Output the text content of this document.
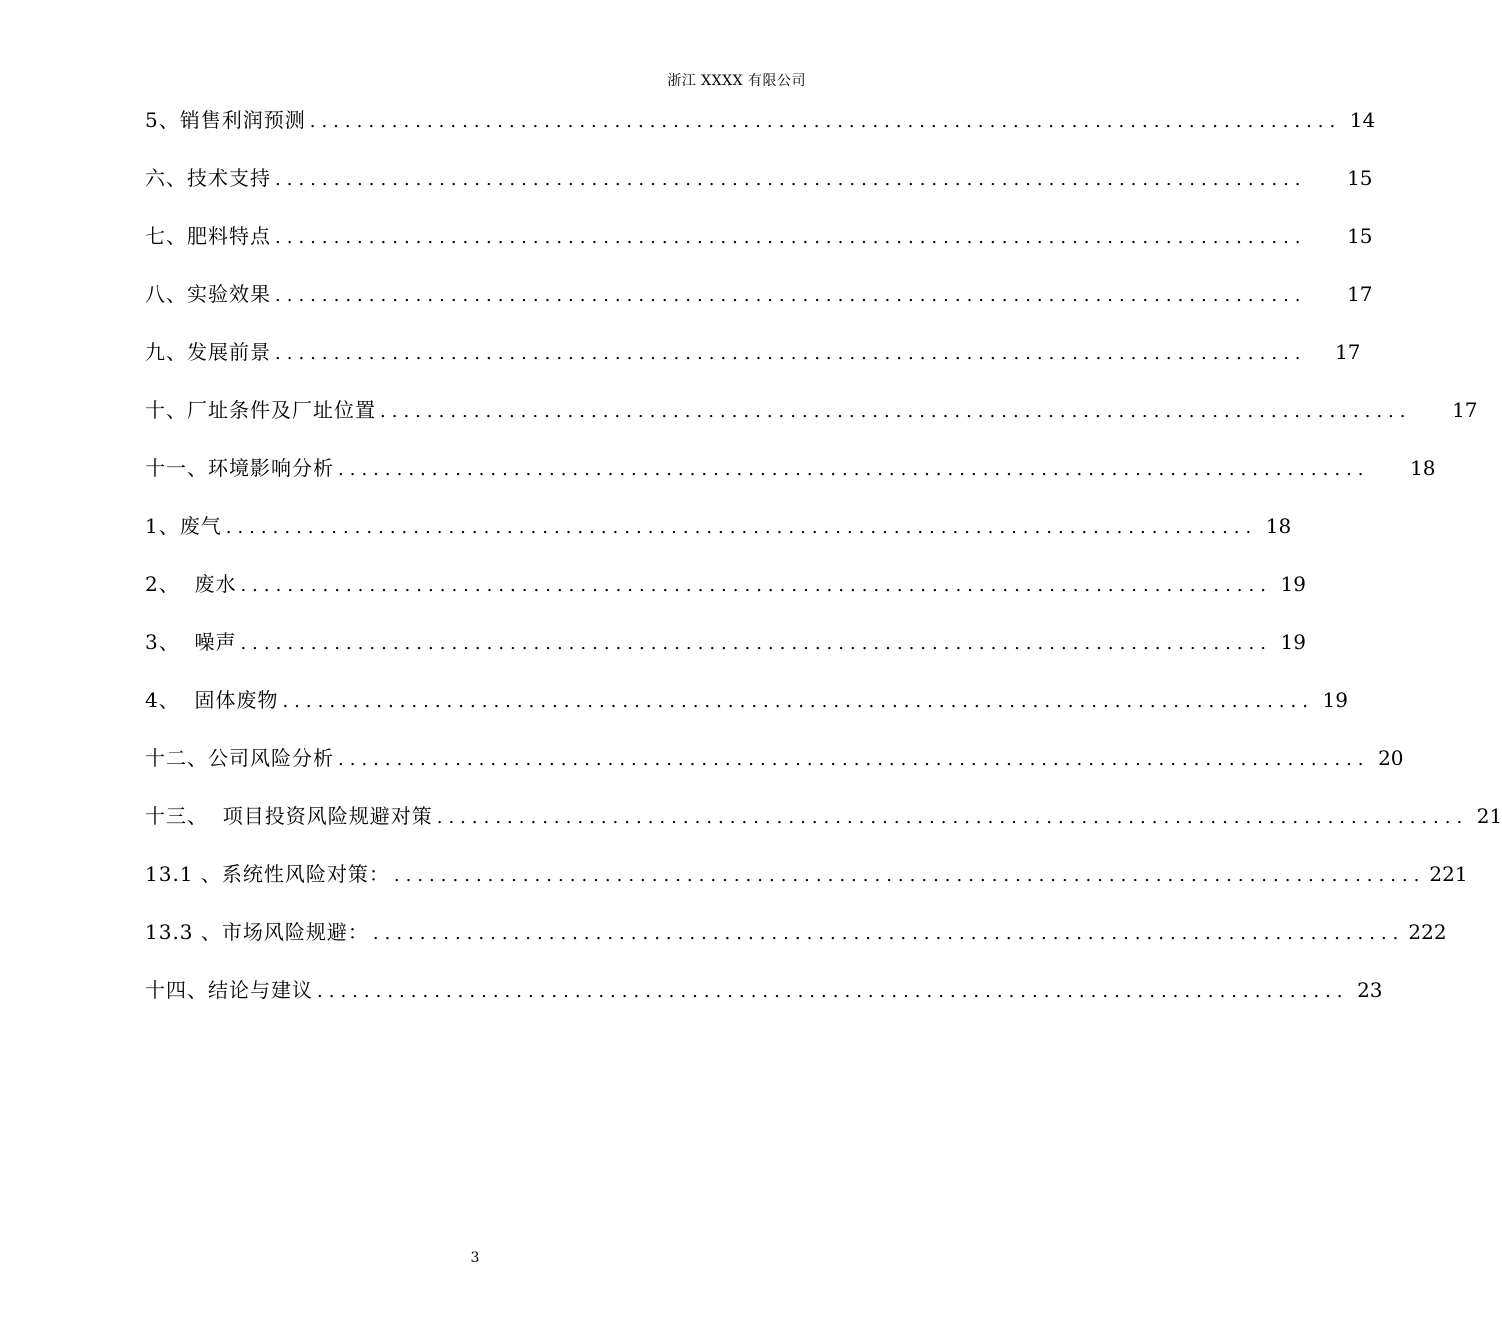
浙江 XXXX 有限公司
5、销售利润预测 ........................................................................................ 14
六、技术支持 ........................................................................................ 15
七、肥料特点 ........................................................................................ 15
八、实验效果 ........................................................................................ 17
九、发展前景 ........................................................................................ 17
十、厂址条件及厂址位置 ........................................................................................ 17
十一、环境影响分析 ........................................................................................ 18
1、废气 ........................................................................................ 18
2、  废水 ........................................................................................ 19
3、  噪声 ........................................................................................ 19
4、  固体废物 ........................................................................................ 19
十二、公司风险分析 ........................................................................................ 20
十三、  项目投资风险规避对策 ........................................................................................ 21
13.1 、系统性风险对策： ........................................................................................ 221
13.3 、市场风险规避： ........................................................................................ 222
十四、结论与建议 ........................................................................................ 23
3
